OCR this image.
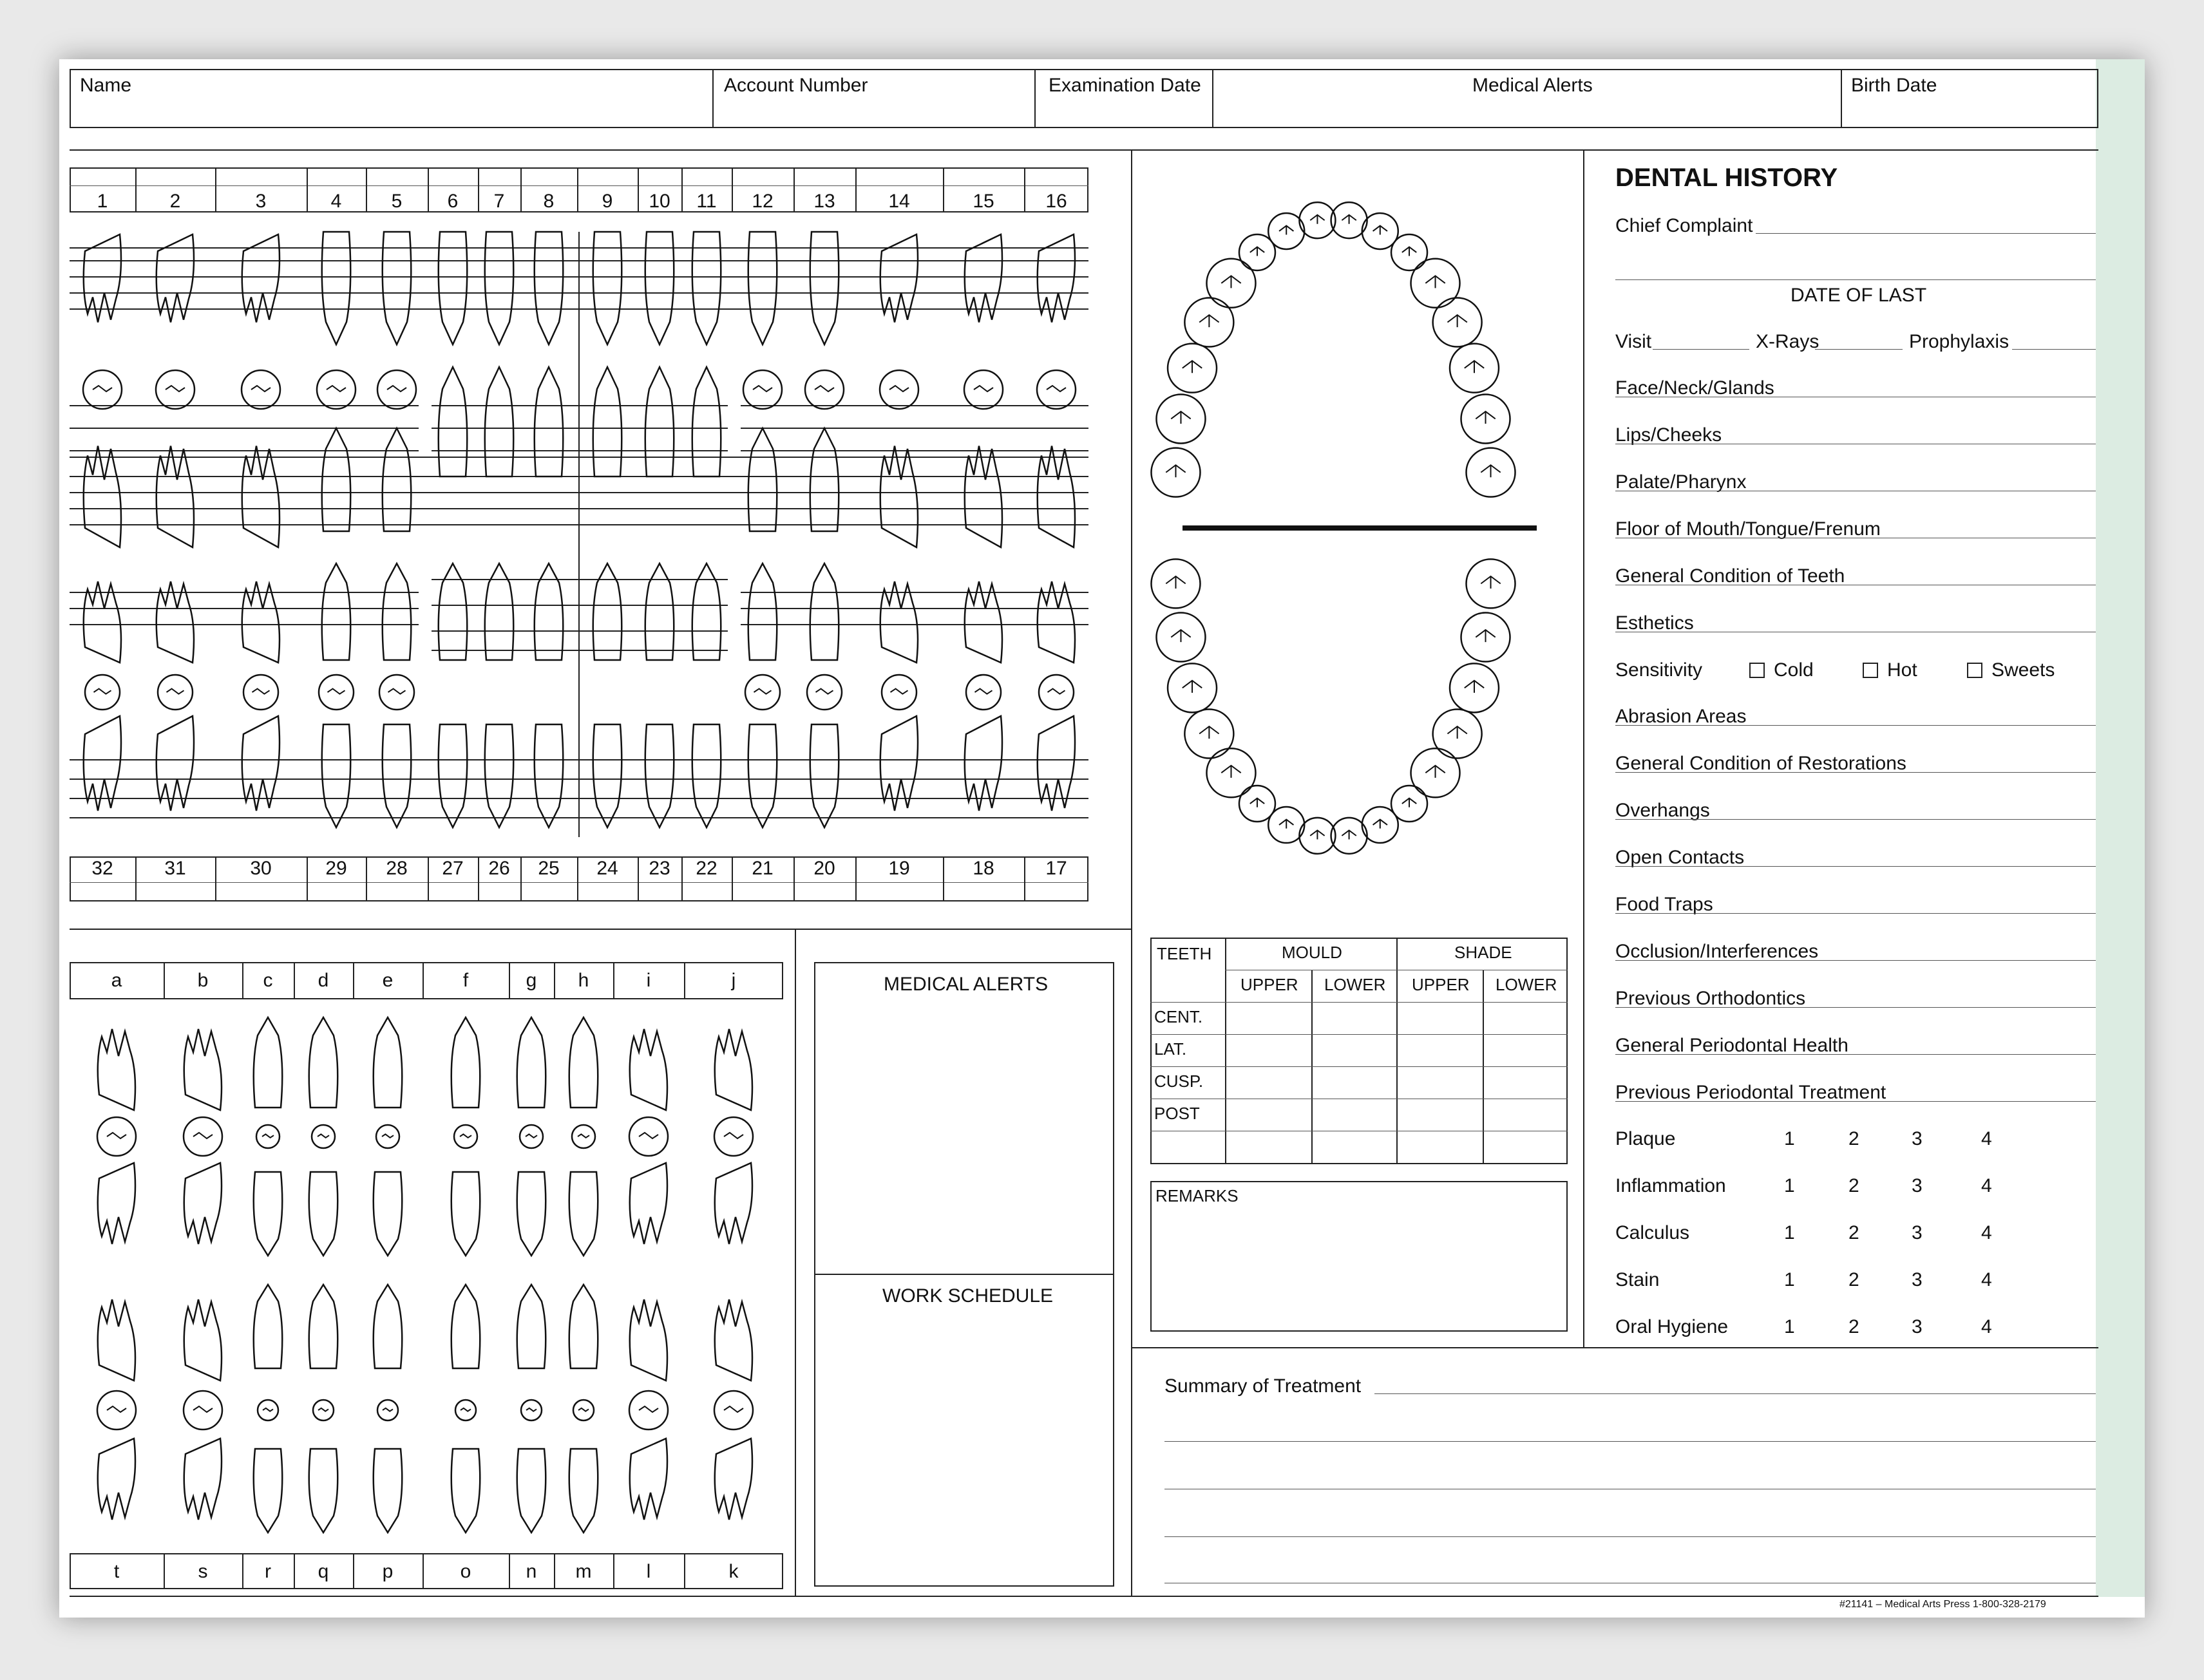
Name	Account Number	Examination Date	Medical Alerts	Birth Date
1	2	3	4	5	6	7	8	9	10	11	12	13	14	15	16
32	31	30	29	28	27	26	25	24	23	22	21	20	19	18	17
a	b	c	d	e	f	g	h	i	j
t	s	r	q	p	o	n	m	l	k
MEDICAL ALERTS
WORK SCHEDULE
TEETH	MOULD	SHADE
UPPER LOWER UPPER LOWER
CENT.
LAT.
CUSP.
POST
REMARKS
DENTAL HISTORY
Chief Complaint
DATE OF LAST
Visit	X-Rays	Prophylaxis
Face/Neck/Glands
Lips/Cheeks
Palate/Pharynx
Floor of Mouth/Tongue/Frenum
General Condition of Teeth
Esthetics
Sensitivity	Cold	Hot	Sweets
Abrasion Areas
General Condition of Restorations
Overhangs
Open Contacts
Food Traps
Occlusion/Interferences
Previous Orthodontics
General Periodontal Health
Previous Periodontal Treatment
Plaque	1	2	3	4
Inflammation	1	2	3	4
Calculus	1	2	3	4
Stain	1	2	3	4
Oral Hygiene	1	2	3	4
Summary of Treatment
#21141 – Medical Arts Press 1-800-328-2179
